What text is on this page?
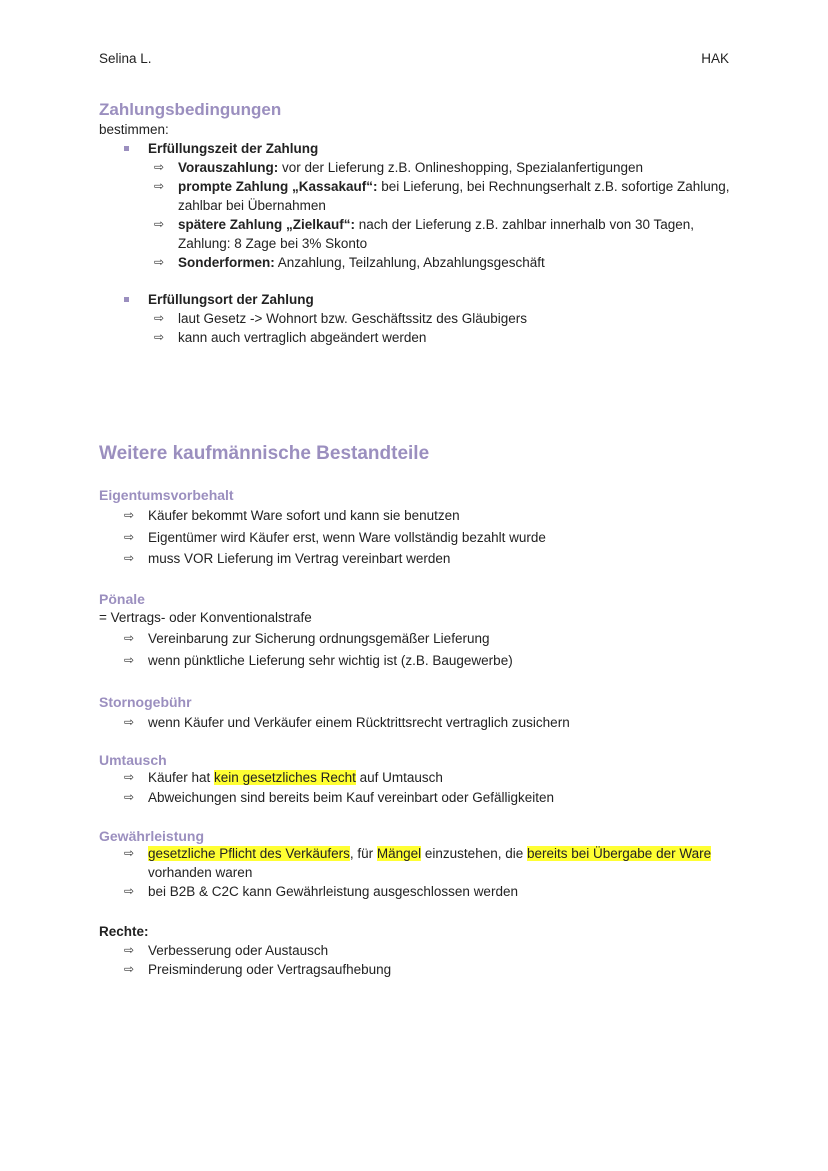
Selina L.	HAK

Zahlungsbedingungen

bestimmen:

Erfüllungszeit der Zahlung
⇨ Vorauszahlung: vor der Lieferung z.B. Onlineshopping, Spezialanfertigungen
⇨ prompte Zahlung „Kassakauf“: bei Lieferung, bei Rechnungserhalt z.B. sofortige Zahlung, zahlbar bei Übernahmen
⇨ spätere Zahlung „Zielkauf“: nach der Lieferung z.B. zahlbar innerhalb von 30 Tagen, Zahlung: 8 Zage bei 3% Skonto
⇨ Sonderformen: Anzahlung, Teilzahlung, Abzahlungsgeschäft
Erfüllungsort der Zahlung
⇨ laut Gesetz -> Wohnort bzw. Geschäftssitz des Gläubigers
⇨ kann auch vertraglich abgeändert werden

Weitere kaufmännische Bestandteile

Eigentumsvorbehalt

⇨ Käufer bekommt Ware sofort und kann sie benutzen
⇨ Eigentümer wird Käufer erst, wenn Ware vollständig bezahlt wurde
⇨ muss VOR Lieferung im Vertrag vereinbart werden

Pönale

= Vertrags- oder Konventionalstrafe

⇨ Vereinbarung zur Sicherung ordnungsgemäßer Lieferung
⇨ wenn pünktliche Lieferung sehr wichtig ist (z.B. Baugewerbe)

Stornogebühr

⇨ wenn Käufer und Verkäufer einem Rücktrittsrecht vertraglich zusichern

Umtausch

⇨ Käufer hat kein gesetzliches Recht auf Umtausch
⇨ Abweichungen sind bereits beim Kauf vereinbart oder Gefälligkeiten

Gewährleistung

⇨ gesetzliche Pflicht des Verkäufers, für Mängel einzustehen, die bereits bei Übergabe der Ware
vorhanden waren
⇨ bei B2B & C2C kann Gewährleistung ausgeschlossen werden

Rechte:

⇨ Verbesserung oder Austausch
⇨ Preisminderung oder Vertragsaufhebung
